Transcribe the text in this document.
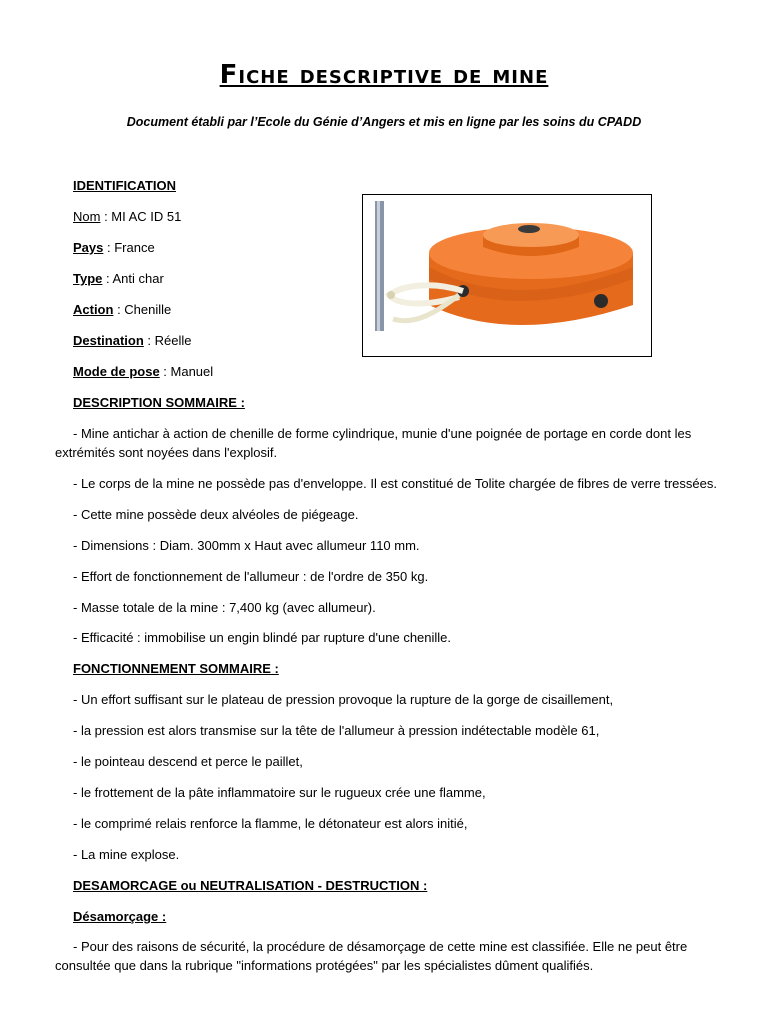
Fiche descriptive de mine
Document établi par l’Ecole du Génie d’Angers et mis en ligne par les soins du CPADD
IDENTIFICATION
Nom : MI AC ID 51
Pays : France
Type : Anti char
Action : Chenille
Destination : Réelle
Mode de pose : Manuel
DESCRIPTION SOMMAIRE :
- Mine antichar à action de chenille de forme cylindrique, munie d'une poignée de portage en corde dont les
extrémités sont noyées dans l'explosif.
- Le corps de la mine ne possède pas d'enveloppe. Il est constitué de Tolite chargée de fibres de verre tressées.
- Cette mine possède deux alvéoles de piégeage.
- Dimensions : Diam. 300mm x Haut avec allumeur 110 mm.
- Effort de fonctionnement de l'allumeur : de l'ordre de 350 kg.
- Masse totale de la mine : 7,400 kg (avec allumeur).
- Efficacité : immobilise un engin blindé par rupture d'une chenille.
FONCTIONNEMENT SOMMAIRE :
- Un effort suffisant sur le plateau de pression provoque la rupture de la gorge de cisaillement,
- la pression est alors transmise sur la tête de l'allumeur à pression indétectable modèle 61,
- le pointeau descend et perce le paillet,
- le frottement de la pâte inflammatoire sur le rugueux crée une flamme,
- le comprimé relais renforce la flamme, le détonateur est alors initié,
- La mine explose.
DESAMORCAGE ou NEUTRALISATION - DESTRUCTION :
Désamorçage :
- Pour des raisons de sécurité, la procédure de désamorçage de cette mine est classifiée. Elle ne peut être
consultée que dans la rubrique "informations protégées" par les spécialistes dûment qualifiés.
